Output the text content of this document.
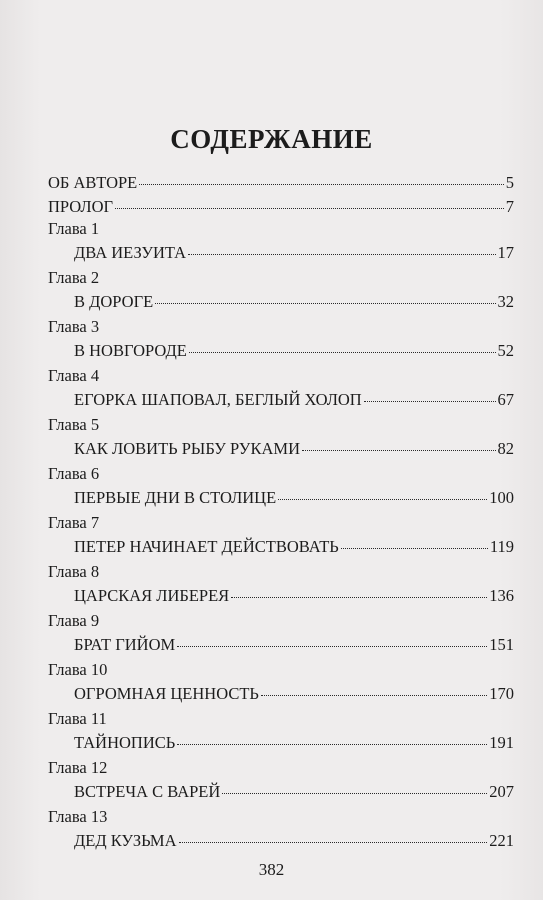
СОДЕРЖАНИЕ
ОБ АВТОРЕ	5
ПРОЛОГ	7
Глава 1
ДВА ИЕЗУИТА	17
Глава 2
В ДОРОГЕ	32
Глава 3
В НОВГОРОДЕ	52
Глава 4
ЕГОРКА ШАПОВАЛ, БЕГЛЫЙ ХОЛОП	67
Глава 5
КАК ЛОВИТЬ РЫБУ РУКАМИ	82
Глава 6
ПЕРВЫЕ ДНИ В СТОЛИЦЕ	100
Глава 7
ПЕТЕР НАЧИНАЕТ ДЕЙСТВОВАТЬ	119
Глава 8
ЦАРСКАЯ ЛИБЕРЕЯ	136
Глава 9
БРАТ ГИЙОМ	151
Глава 10
ОГРОМНАЯ ЦЕННОСТЬ	170
Глава 11
ТАЙНОПИСЬ	191
Глава 12
ВСТРЕЧА С ВАРЕЙ	207
Глава 13
ДЕД КУЗЬМА	221
382
